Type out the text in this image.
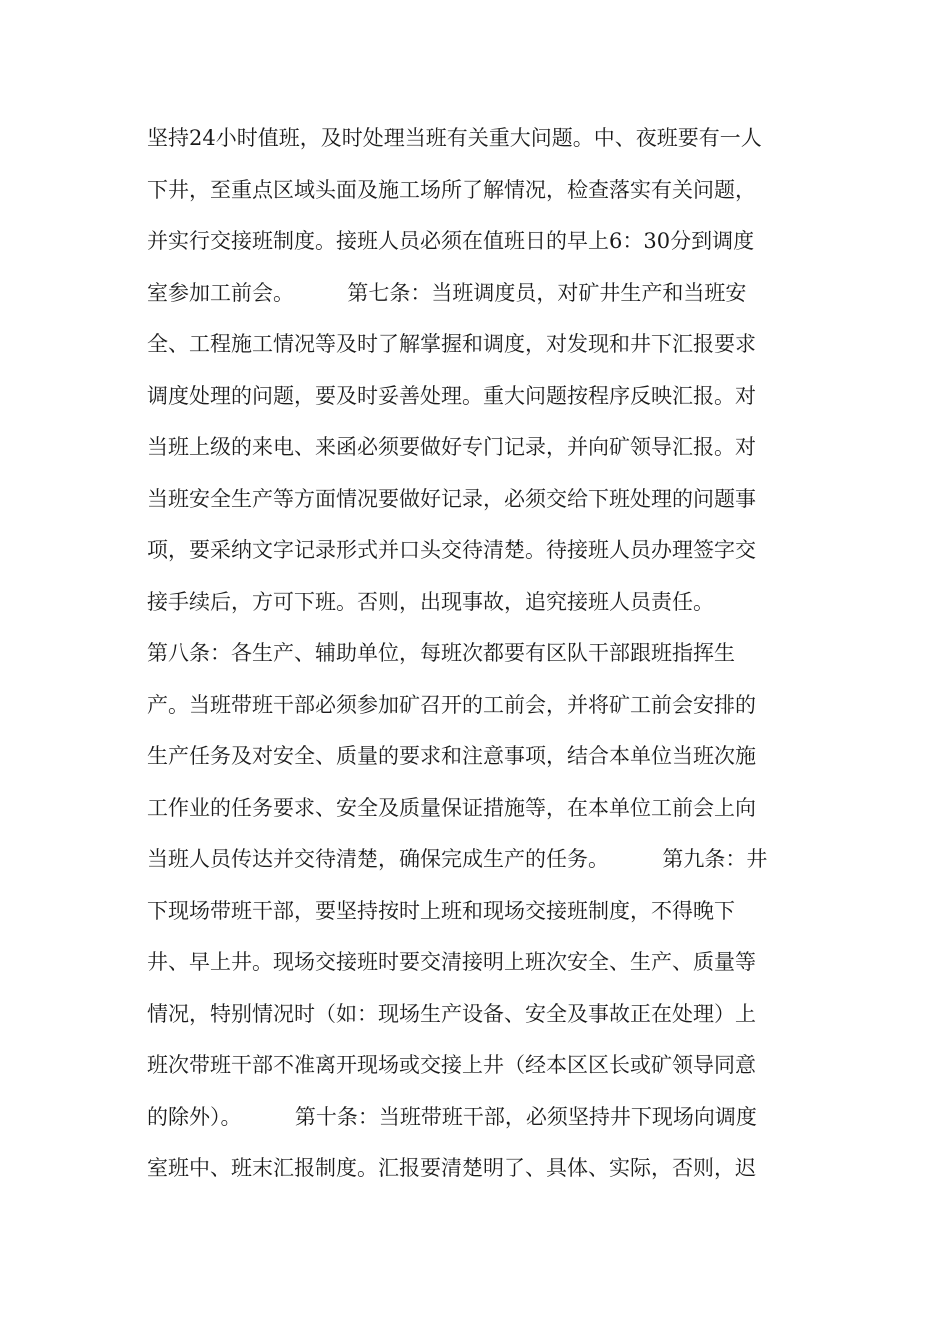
坚持24小时值班，及时处理当班有关重大问题。中、夜班要有一人
下井，至重点区域头面及施工场所了解情况，检查落实有关问题，
并实行交接班制度。接班人员必须在值班日的早上6：30分到调度
室参加工前会。        第七条：当班调度员，对矿井生产和当班安
全、工程施工情况等及时了解掌握和调度，对发现和井下汇报要求
调度处理的问题，要及时妥善处理。重大问题按程序反映汇报。对
当班上级的来电、来函必须要做好专门记录，并向矿领导汇报。对
当班安全生产等方面情况要做好记录，必须交给下班处理的问题事
项，要采纳文字记录形式并口头交待清楚。待接班人员办理签字交
接手续后，方可下班。否则，出现事故，追究接班人员责任。
第八条：各生产、辅助单位，每班次都要有区队干部跟班指挥生
产。当班带班干部必须参加矿召开的工前会，并将矿工前会安排的
生产任务及对安全、质量的要求和注意事项，结合本单位当班次施
工作业的任务要求、安全及质量保证措施等，在本单位工前会上向
当班人员传达并交待清楚，确保完成生产的任务。        第九条：井
下现场带班干部，要坚持按时上班和现场交接班制度，不得晚下
井、早上井。现场交接班时要交清接明上班次安全、生产、质量等
情况，特别情况时（如：现场生产设备、安全及事故正在处理）上
班次带班干部不准离开现场或交接上井（经本区区长或矿领导同意
的除外）。        第十条：当班带班干部，必须坚持井下现场向调度
室班中、班末汇报制度。汇报要清楚明了、具体、实际，否则，迟
